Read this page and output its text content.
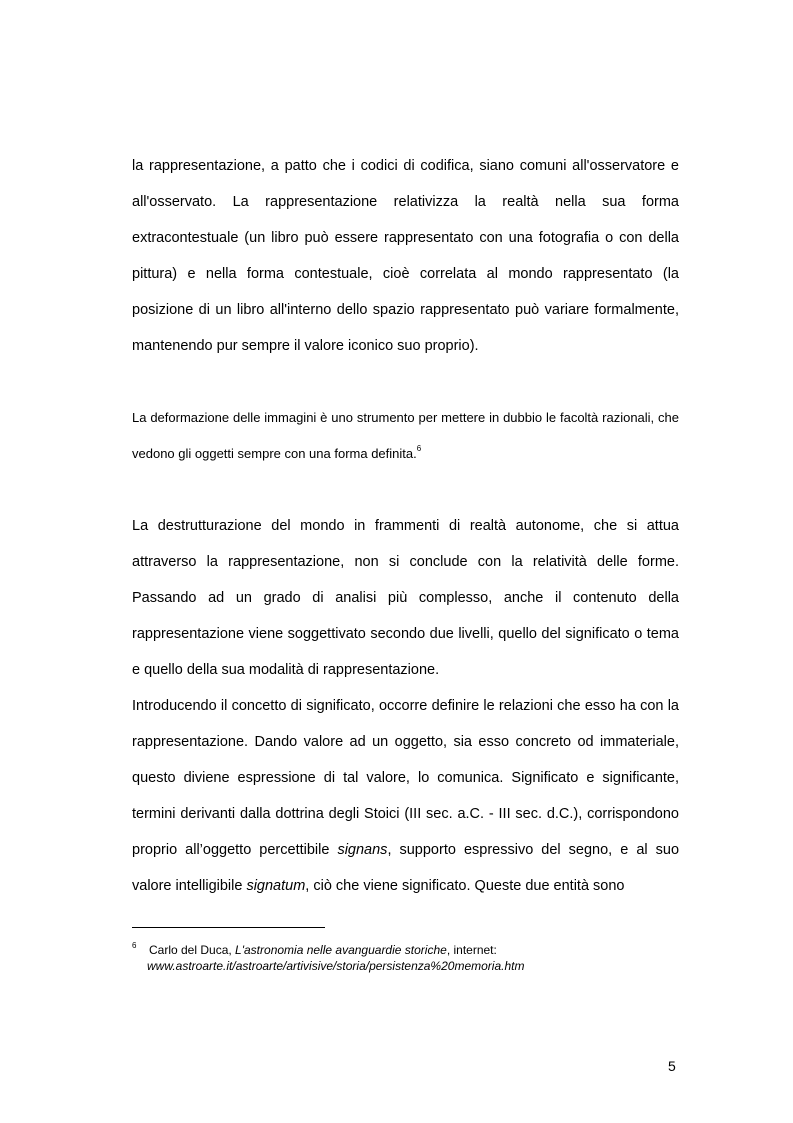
la rappresentazione, a patto che i codici di codifica, siano comuni all'osservatore e all'osservato. La rappresentazione relativizza la realtà nella sua forma extracontestuale (un libro può essere rappresentato con una fotografia o con della pittura) e nella forma contestuale, cioè correlata al mondo rappresentato (la posizione di un libro all'interno dello spazio rappresentato può variare formalmente, mantenendo pur sempre il valore iconico suo proprio).

La deformazione delle immagini è uno strumento per mettere in dubbio le facoltà razionali, che vedono gli oggetti sempre con una forma definita.$^6$

La destrutturazione del mondo in frammenti di realtà autonome, che si attua attraverso la rappresentazione, non si conclude con la relatività delle forme. Passando ad un grado di analisi più complesso, anche il contenuto della rappresentazione viene soggettivato secondo due livelli, quello del significato o tema e quello della sua modalità di rappresentazione.

Introducendo il concetto di significato, occorre definire le relazioni che esso ha con la rappresentazione. Dando valore ad un oggetto, sia esso concreto od immateriale, questo diviene espressione di tal valore, lo comunica. Significato e significante, termini derivanti dalla dottrina degli Stoici (III sec. a.C. - III sec. d.C.), corrispondono proprio all’oggetto percettibile signans, supporto espressivo del segno, e al suo valore intelligibile signatum, ciò che viene significato. Queste due entità sono

6	Carlo del Duca, L'astronomia nelle avanguardie storiche, internet:
www.astroarte.it/astroarte/artivisive/storia/persistenza%20memoria.htm
5
